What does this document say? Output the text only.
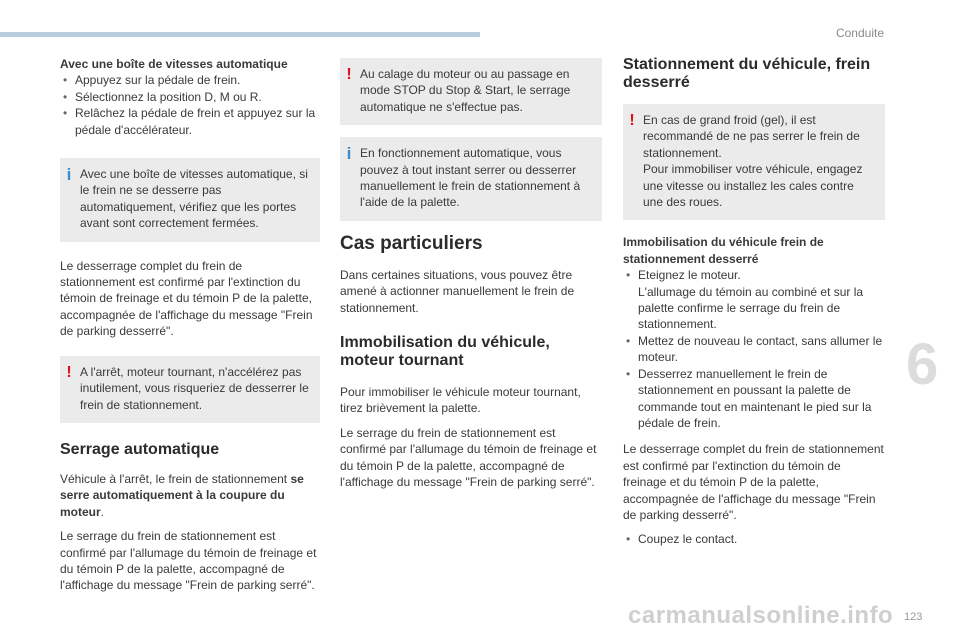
Conduite
6
carmanualsonline.info 123

Avec une boîte de vitesses automatique

• Appuyez sur la pédale de frein.
• Sélectionnez la position D, M ou R.
• Relâchez la pédale de frein et appuyez sur la pédale d'accélérateur.
i Avec une boîte de vitesses automatique, si le frein ne se desserre pas automatiquement, vérifiez que les portes avant sont correctement fermées.

Le desserrage complet du frein de stationnement est confirmé par l'extinction du témoin de freinage et du témoin P de la palette, accompagnée de l'affichage du message "Frein de parking desserré".

! A l'arrêt, moteur tournant, n'accélérez pas inutilement, vous risqueriez de desserrer le frein de stationnement.

Serrage automatique

Véhicule à l'arrêt, le frein de stationnement se serre automatiquement à la coupure du moteur.

Le serrage du frein de stationnement est confirmé par l'allumage du témoin de freinage et du témoin P de la palette, accompagné de l'affichage du message "Frein de parking serré".

! Au calage du moteur ou au passage en mode STOP du Stop & Start, le serrage automatique ne s'effectue pas.

i En fonctionnement automatique, vous pouvez à tout instant serrer ou desserrer manuellement le frein de stationnement à l'aide de la palette.

Cas particuliers

Dans certaines situations, vous pouvez être amené à actionner manuellement le frein de stationnement.

Immobilisation du véhicule, moteur tournant

Pour immobiliser le véhicule moteur tournant, tirez brièvement la palette.

Le serrage du frein de stationnement est confirmé par l'allumage du témoin de freinage et du témoin P de la palette, accompagné de l'affichage du message "Frein de parking serré".

Stationnement du véhicule, frein desserré
! En cas de grand froid (gel), il est recommandé de ne pas serrer le frein de stationnement.

Pour immobiliser votre véhicule, engagez une vitesse ou installez les cales contre une des roues.

Immobilisation du véhicule frein de stationnement desserré

• Eteignez le moteur.
L'allumage du témoin au combiné et sur la palette confirme le serrage du frein de stationnement.
• Mettez de nouveau le contact, sans allumer le moteur.
• Desserrez manuellement le frein de stationnement en poussant la palette de commande tout en maintenant le pied sur la pédale de frein.

Le desserrage complet du frein de stationnement est confirmé par l'extinction du témoin de freinage et du témoin P de la palette, accompagnée de l'affichage du message "Frein de parking desserré".

• Coupez le contact.
